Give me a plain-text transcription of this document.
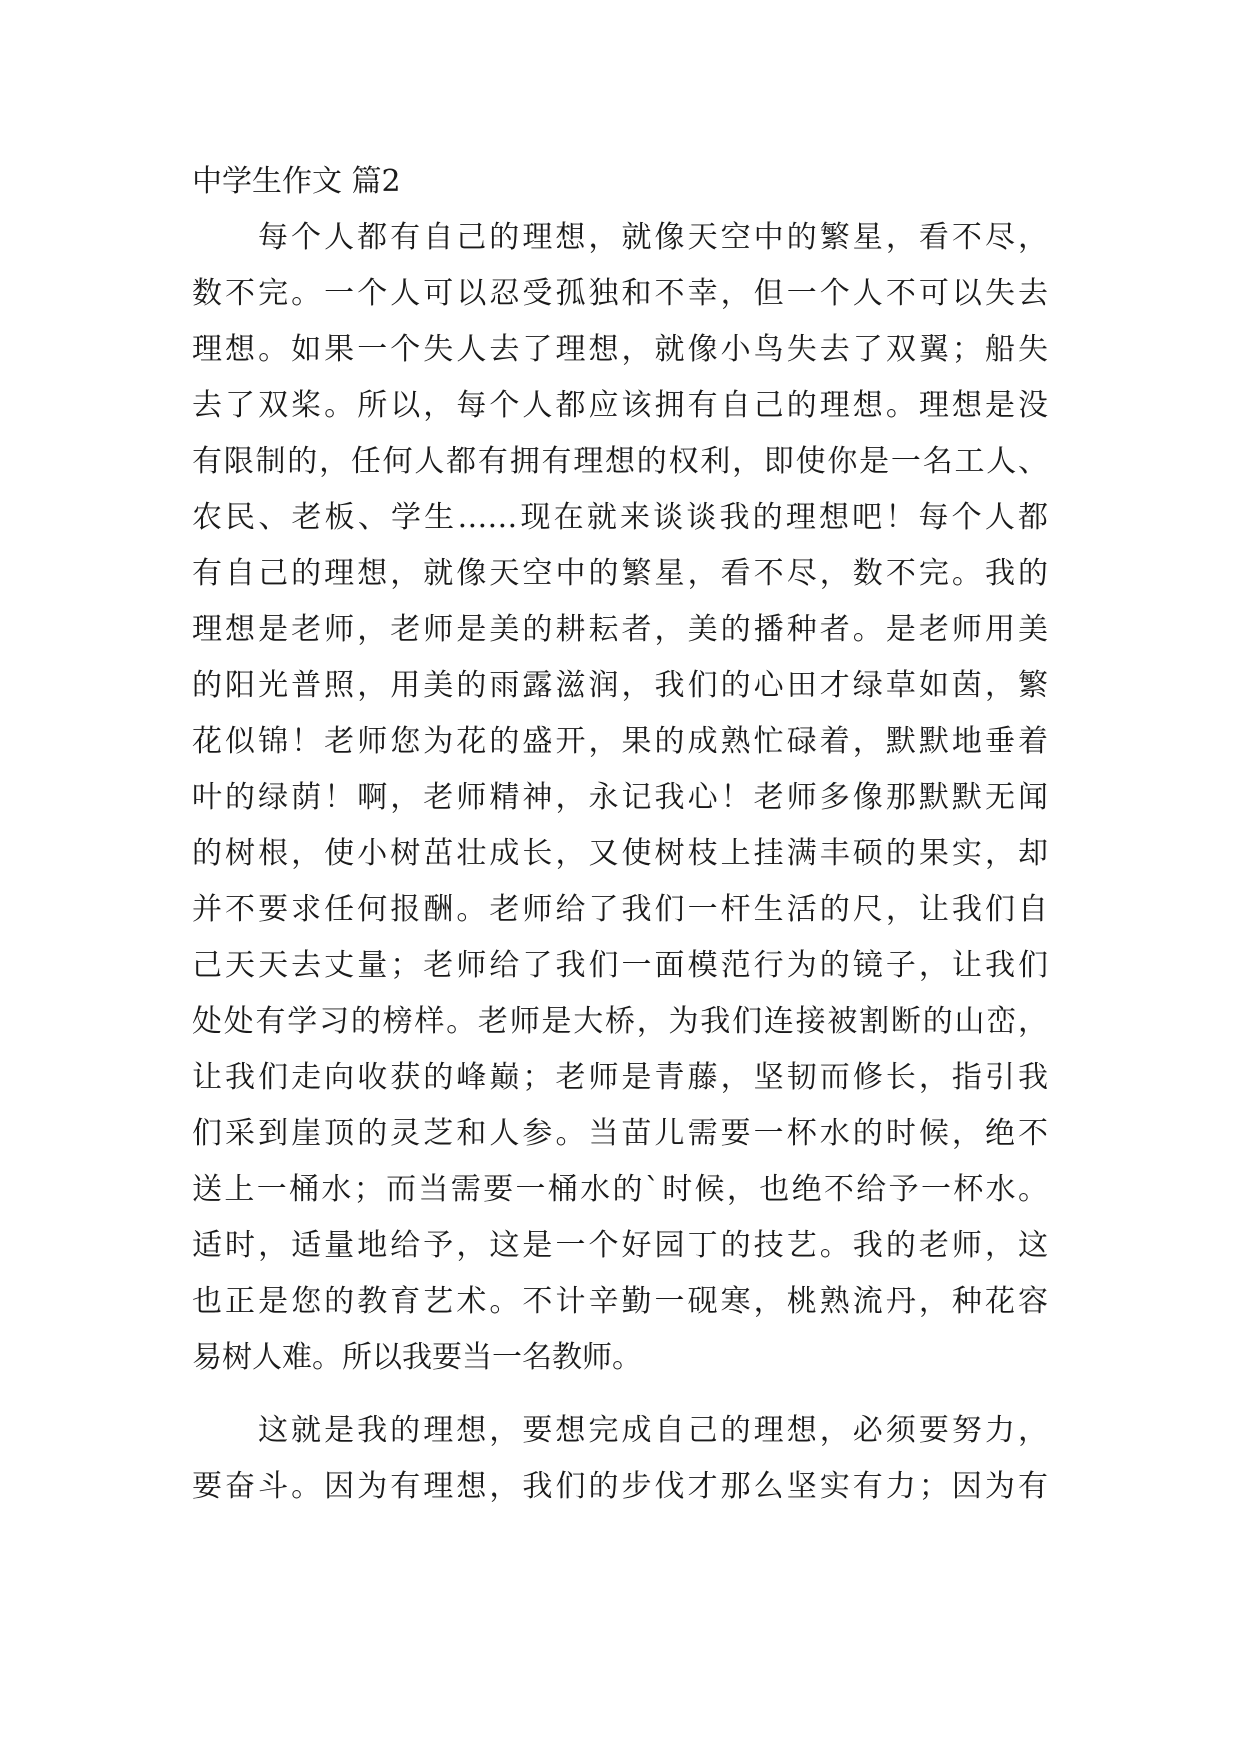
中学生作文 篇2
每个人都有自己的理想，就像天空中的繁星，看不尽，
数不完。一个人可以忍受孤独和不幸，但一个人不可以失去
理想。如果一个失人去了理想，就像小鸟失去了双翼；船失
去了双桨。所以，每个人都应该拥有自己的理想。理想是没
有限制的，任何人都有拥有理想的权利，即使你是一名工人、
农民、老板、学生……现在就来谈谈我的理想吧！每个人都
有自己的理想，就像天空中的繁星，看不尽，数不完。我的
理想是老师，老师是美的耕耘者，美的播种者。是老师用美
的阳光普照，用美的雨露滋润，我们的心田才绿草如茵，繁
花似锦！老师您为花的盛开，果的成熟忙碌着，默默地垂着
叶的绿荫！啊，老师精神，永记我心！老师多像那默默无闻
的树根，使小树茁壮成长，又使树枝上挂满丰硕的果实，却
并不要求任何报酬。老师给了我们一杆生活的尺，让我们自
己天天去丈量；老师给了我们一面模范行为的镜子，让我们
处处有学习的榜样。老师是大桥，为我们连接被割断的山峦，
让我们走向收获的峰巅；老师是青藤，坚韧而修长，指引我
们采到崖顶的灵芝和人参。当苗儿需要一杯水的时候，绝不
送上一桶水；而当需要一桶水的`时候，也绝不给予一杯水。
适时，适量地给予，这是一个好园丁的技艺。我的老师，这
也正是您的教育艺术。不计辛勤一砚寒，桃熟流丹，种花容
易树人难。所以我要当一名教师。
这就是我的理想，要想完成自己的理想，必须要努力，
要奋斗。因为有理想，我们的步伐才那么坚实有力；因为有
